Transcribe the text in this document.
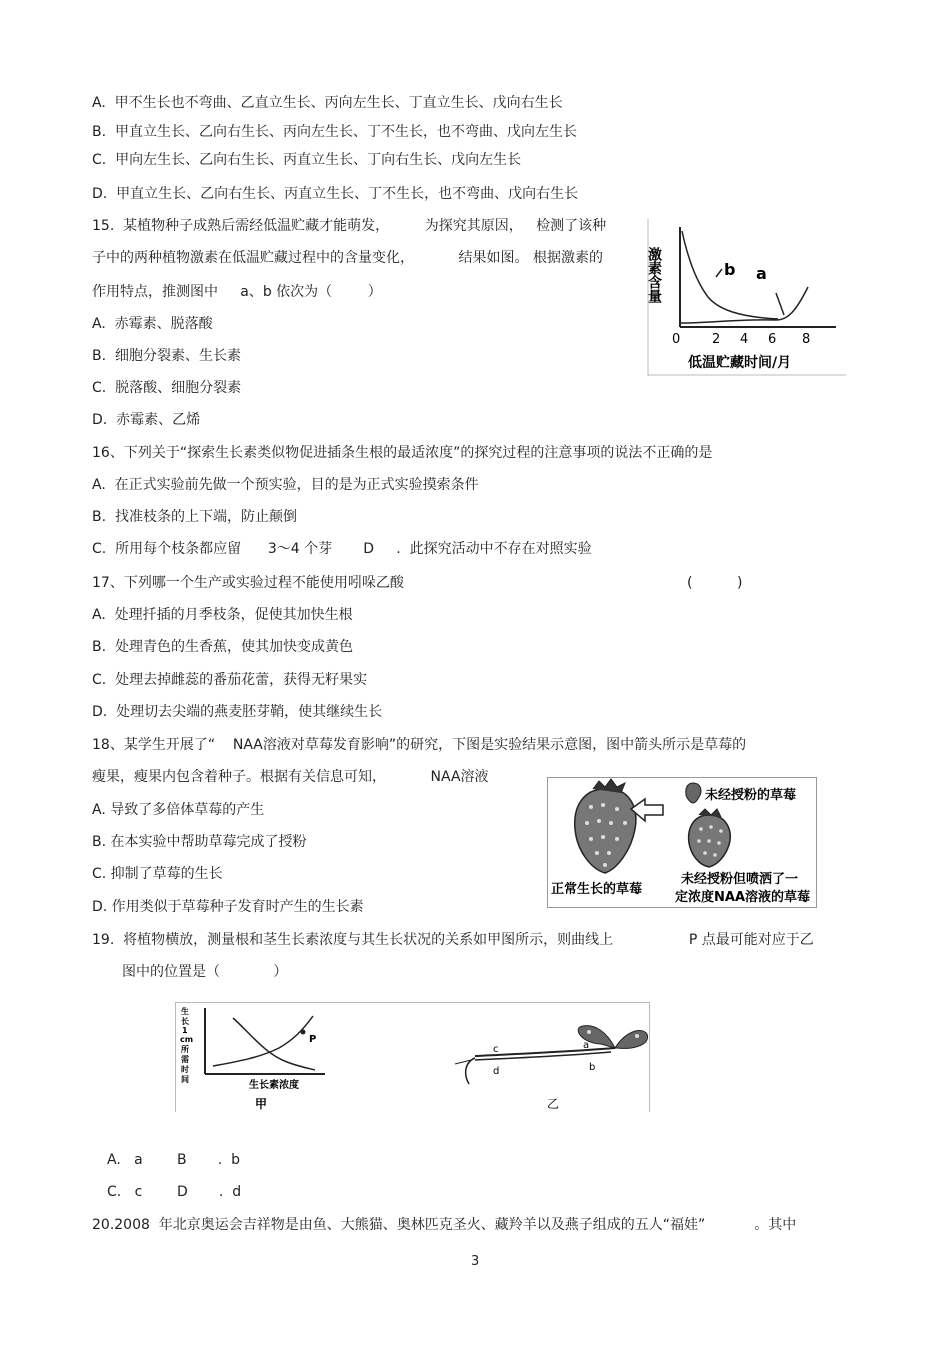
A.  甲不生长也不弯曲、乙直立生长、丙向左生长、丁直立生长、戊向右生长
B.  甲直立生长、乙向右生长、丙向左生长、丁不生长，也不弯曲、戊向左生长
C.  甲向左生长、乙向右生长、丙直立生长、丁向右生长、戊向左生长
D.  甲直立生长、乙向右生长、丙直立生长、丁不生长，也不弯曲、戊向右生长
15.  某植物种子成熟后需经低温贮藏才能萌发，        为探究其原因，   检测了该种
子中的两种植物激素在低温贮藏过程中的含量变化，          结果如图。 根据激素的
作用特点，推测图中     a、b 依次为（        ）
A.  赤霉素、脱落酸
B.  细胞分裂素、生长素
C.  脱落酸、细胞分裂素
D.  赤霉素、乙烯
激素含量	b a
0 2 4 6 8
低温贮藏时间/月
16、下列关于“探索生长素类似物促进插条生根的最适浓度”的探究过程的注意事项的说法不正确的是
A.  在正式实验前先做一个预实验，目的是为正式实验摸索条件
B.  找准枝条的上下端，防止颠倒
C.  所用每个枝条都应留      3～4 个芽       D     .  此探究活动中不存在对照实验
17、下列哪一个生产或实验过程不能使用吲哚乙酸	(          )
A.  处理扦插的月季枝条，促使其加快生根
B.  处理青色的生香蕉，使其加快变成黄色
C.  处理去掉雌蕊的番茄花蕾，获得无籽果实
D.  处理切去尖端的燕麦胚芽鞘，使其继续生长
18、某学生开展了“    NAA溶液对草莓发育影响”的研究，下图是实验结果示意图，图中箭头所示是草莓的
瘦果，瘦果内包含着种子。根据有关信息可知，          NAA溶液
A. 导致了多倍体草莓的产生
B. 在本实验中帮助草莓完成了授粉
C. 抑制了草莓的生长
D. 作用类似于草莓种子发育时产生的生长素
未经授粉的草莓
正常生长的草莓
未经授粉但喷洒了一
定浓度NAA溶液的草莓
19.  将植物横放，测量根和茎生长素浓度与其生长状况的关系如甲图所示，则曲线上                 P 点最可能对应于乙
图中的位置是（            ）
生
长
1
cm
所
需
时
间
P
生长素浓度
甲
c
d
a
b
乙
A.   a B       .  b
C.   c D       .  d
20.2008  年北京奥运会吉祥物是由鱼、大熊猫、奥林匹克圣火、藏羚羊以及燕子组成的五人“福娃”           。其中
3
